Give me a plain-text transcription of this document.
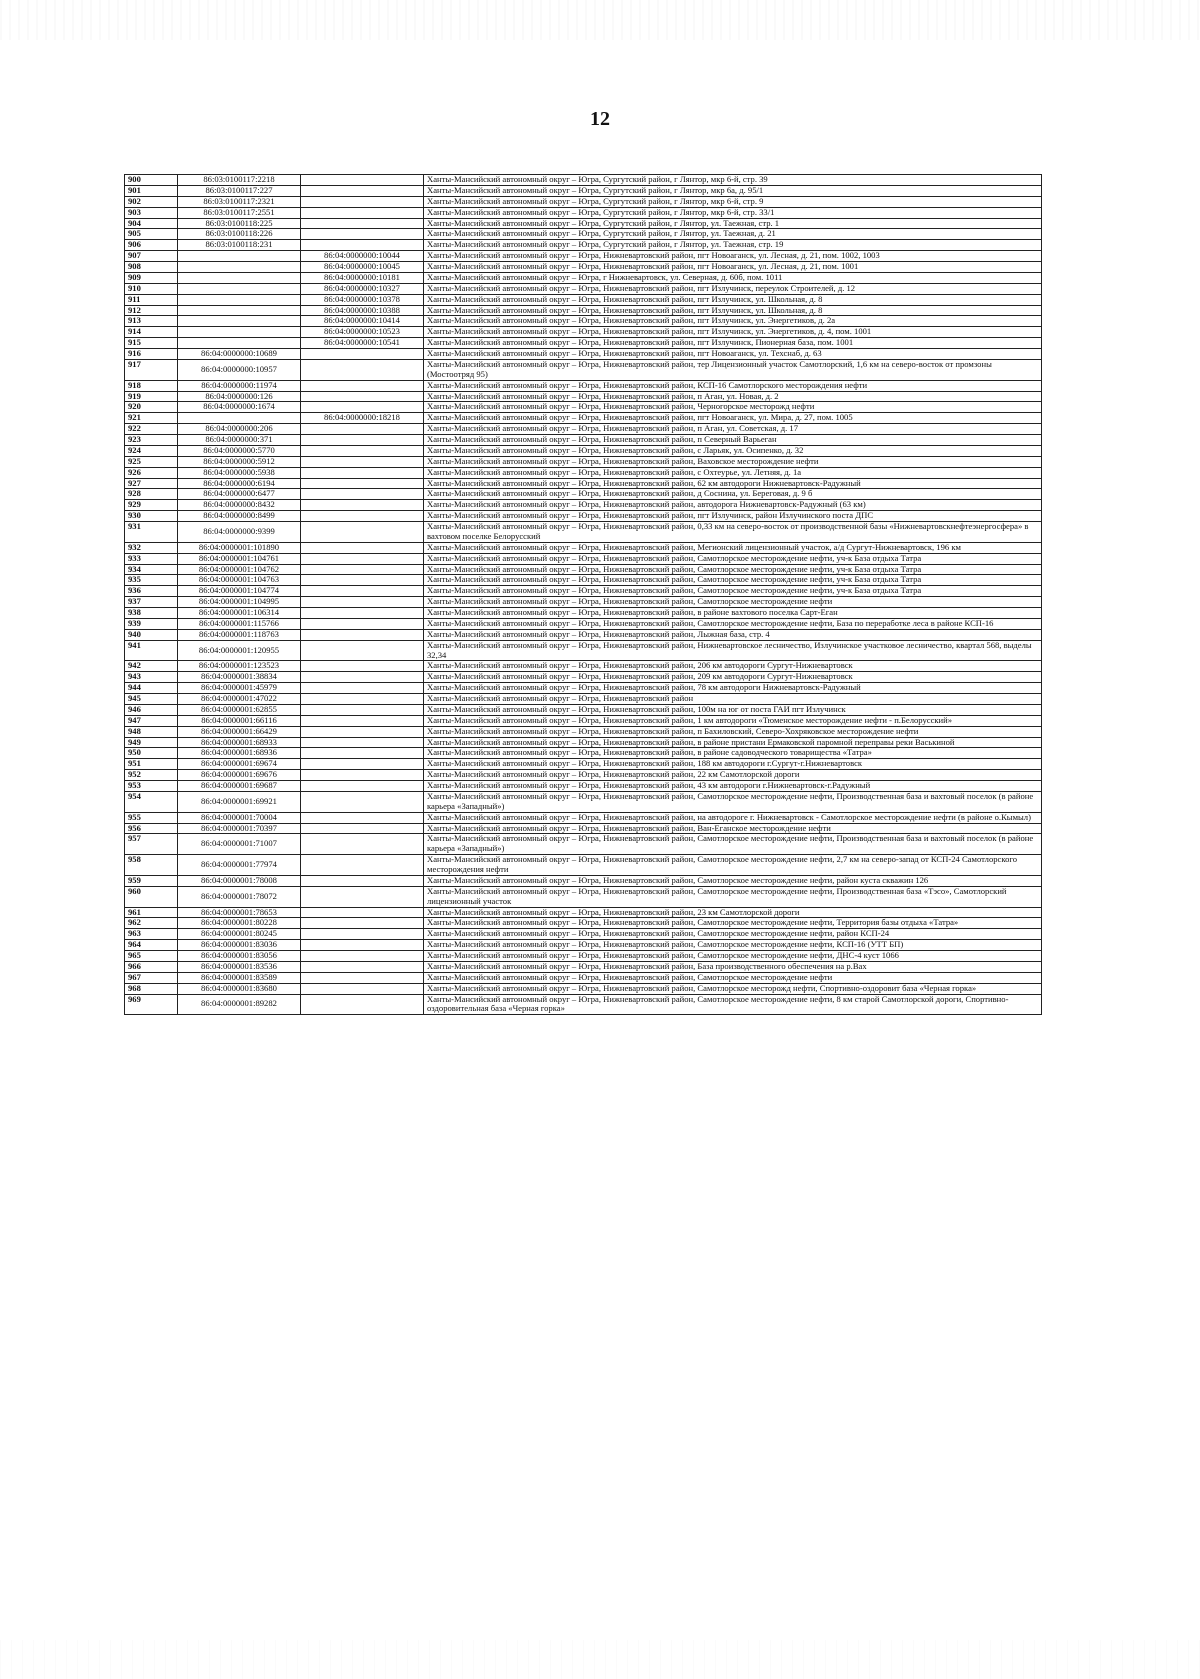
12
900	86:03:0100117:2218		Ханты-Мансийский автономный округ – Югра, Сургутский район, г Лянтор, мкр 6-й, стр. 39
901	86:03:0100117:227		Ханты-Мансийский автономный округ – Югра, Сургутский район, г Лянтор, мкр 6а, д. 95/1
902	86:03:0100117:2321		Ханты-Мансийский автономный округ – Югра, Сургутский район, г Лянтор, мкр 6-й, стр. 9
903	86:03:0100117:2551		Ханты-Мансийский автономный округ – Югра, Сургутский район, г Лянтор, мкр 6-й, стр. 33/1
904	86:03:0100118:225		Ханты-Мансийский автономный округ – Югра, Сургутский район, г Лянтор, ул. Таежная, стр. 1
905	86:03:0100118:226		Ханты-Мансийский автономный округ – Югра, Сургутский район, г Лянтор, ул. Таежная, д. 21
906	86:03:0100118:231		Ханты-Мансийский автономный округ – Югра, Сургутский район, г Лянтор, ул. Таежная, стр. 19
907		86:04:0000000:10044	Ханты-Мансийский автономный округ – Югра, Нижневартовский район, пгт Новоаганск, ул. Лесная, д. 21, пом. 1002, 1003
908		86:04:0000000:10045	Ханты-Мансийский автономный округ – Югра, Нижневартовский район, пгт Новоаганск, ул. Лесная, д. 21, пом. 1001
909		86:04:0000000:10181	Ханты-Мансийский автономный округ – Югра, г Нижневартовск, ул. Северная, д. 60б, пом. 1011
910		86:04:0000000:10327	Ханты-Мансийский автономный округ – Югра, Нижневартовский район, пгт Излучинск, переулок Строителей, д. 12
911		86:04:0000000:10378	Ханты-Мансийский автономный округ – Югра, Нижневартовский район, пгт Излучинск, ул. Школьная, д. 8
912		86:04:0000000:10388	Ханты-Мансийский автономный округ – Югра, Нижневартовский район, пгт Излучинск, ул. Школьная, д. 8
913		86:04:0000000:10414	Ханты-Мансийский автономный округ – Югра, Нижневартовский район, пгт Излучинск, ул. Энергетиков, д. 2а
914		86:04:0000000:10523	Ханты-Мансийский автономный округ – Югра, Нижневартовский район, пгт Излучинск, ул. Энергетиков, д. 4, пом. 1001
915		86:04:0000000:10541	Ханты-Мансийский автономный округ – Югра, Нижневартовский район, пгт Излучинск, Пионерная база, пом. 1001
916	86:04:0000000:10689		Ханты-Мансийский автономный округ – Югра, Нижневартовский район, пгт Новоаганск, ул. Техснаб, д. 63
917	86:04:0000000:10957		Ханты-Мансийский автономный округ – Югра, Нижневартовский район, тер Лицензионный участок Самотлорский, 1,6 км на северо-восток от промзоны (Мостоотряд 95)
918	86:04:0000000:11974		Ханты-Мансийский автономный округ – Югра, Нижневартовский район, КСП-16 Самотлорского месторождения нефти
919	86:04:0000000:126		Ханты-Мансийский автономный округ – Югра, Нижневартовский район, п Аган, ул. Новая, д. 2
920	86:04:0000000:1674		Ханты-Мансийский автономный округ – Югра, Нижневартовский район, Черногорское месторожд нефти
921		86:04:0000000:18218	Ханты-Мансийский автономный округ – Югра, Нижневартовский район, пгт Новоаганск, ул. Мира, д. 27, пом. 1005
922	86:04:0000000:206		Ханты-Мансийский автономный округ – Югра, Нижневартовский район, п Аган, ул. Советская, д. 17
923	86:04:0000000:371		Ханты-Мансийский автономный округ – Югра, Нижневартовский район, п Северный Варьеган
924	86:04:0000000:5770		Ханты-Мансийский автономный округ – Югра, Нижневартовский район, с Ларьяк, ул. Осипенко, д. 32
925	86:04:0000000:5912		Ханты-Мансийский автономный округ – Югра, Нижневартовский район, Ваховское месторождение нефти
926	86:04:0000000:5938		Ханты-Мансийский автономный округ – Югра, Нижневартовский район, с Охтеурье, ул. Летняя, д. 1а
927	86:04:0000000:6194		Ханты-Мансийский автономный округ – Югра, Нижневартовский район, 62 км автодороги Нижневартовск-Радужный
928	86:04:0000000:6477		Ханты-Мансийский автономный округ – Югра, Нижневартовский район, д Соснина, ул. Береговая, д. 9 б
929	86:04:0000000:8432		Ханты-Мансийский автономный округ – Югра, Нижневартовский район, автодорога Нижневартовск-Радужный (63 км)
930	86:04:0000000:8499		Ханты-Мансийский автономный округ – Югра, Нижневартовский район, пгт Излучинск, район Излучинского поста ДПС
931	86:04:0000000:9399		Ханты-Мансийский автономный округ – Югра, Нижневартовский район, 0,33 км на северо-восток от производственной базы «Нижневартовскнефтеэнергосфера» в вахтовом поселке Белорусский
932	86:04:0000001:101890		Ханты-Мансийский автономный округ – Югра, Нижневартовский район, Мегионский лицензионный участок, а/д Сургут-Нижневартовск, 196 км
933	86:04:0000001:104761		Ханты-Мансийский автономный округ – Югра, Нижневартовский район, Самотлорское месторождение нефти, уч-к База отдыха Татра
934	86:04:0000001:104762		Ханты-Мансийский автономный округ – Югра, Нижневартовский район, Самотлорское месторождение нефти, уч-к База отдыха Татра
935	86:04:0000001:104763		Ханты-Мансийский автономный округ – Югра, Нижневартовский район, Самотлорское месторождение нефти, уч-к База отдыха Татра
936	86:04:0000001:104774		Ханты-Мансийский автономный округ – Югра, Нижневартовский район, Самотлорское месторождение нефти, уч-к База отдыха Татра
937	86:04:0000001:104995		Ханты-Мансийский автономный округ – Югра, Нижневартовский район, Самотлорское месторождение нефти
938	86:04:0000001:106314		Ханты-Мансийский автономный округ – Югра, Нижневартовский район, в районе вахтового поселка Сарт-Еган
939	86:04:0000001:115766		Ханты-Мансийский автономный округ – Югра, Нижневартовский район, Самотлорское месторождение нефти, База по переработке леса в районе КСП-16
940	86:04:0000001:118763		Ханты-Мансийский автономный округ – Югра, Нижневартовский район, Лыжная база, стр. 4
941	86:04:0000001:120955		Ханты-Мансийский автономный округ – Югра, Нижневартовский район, Нижневартовское лесничество, Излучинское участковое лесничество, квартал 568, выделы 32,34
942	86:04:0000001:123523		Ханты-Мансийский автономный округ – Югра, Нижневартовский район, 206 км автодороги Сургут-Нижневартовск
943	86:04:0000001:38834		Ханты-Мансийский автономный округ – Югра, Нижневартовский район, 209 км автодороги Сургут-Нижневартовск
944	86:04:0000001:45979		Ханты-Мансийский автономный округ – Югра, Нижневартовский район, 78 км автодороги Нижневартовск-Радужный
945	86:04:0000001:47022		Ханты-Мансийский автономный округ – Югра, Нижневартовский район
946	86:04:0000001:62855		Ханты-Мансийский автономный округ – Югра, Нижневартовский район, 100м на юг от поста ГАИ пгт Излучинск
947	86:04:0000001:66116		Ханты-Мансийский автономный округ – Югра, Нижневартовский район, 1 км автодороги «Тюменское месторождение нефти - п.Белорусский»
948	86:04:0000001:66429		Ханты-Мансийский автономный округ – Югра, Нижневартовский район, п Бахиловский, Северо-Хохряковское месторождение нефти
949	86:04:0000001:68933		Ханты-Мансийский автономный округ – Югра, Нижневартовский район, в районе пристани Ермаковской паромной переправы реки Васькиной
950	86:04:0000001:68936		Ханты-Мансийский автономный округ – Югра, Нижневартовский район, в районе садоводческого товарищества «Татра»
951	86:04:0000001:69674		Ханты-Мансийский автономный округ – Югра, Нижневартовский район, 188 км автодороги г.Сургут-г.Нижневартовск
952	86:04:0000001:69676		Ханты-Мансийский автономный округ – Югра, Нижневартовский район, 22 км Самотлорской дороги
953	86:04:0000001:69687		Ханты-Мансийский автономный округ – Югра, Нижневартовский район, 43 км автодороги г.Нижневартовск-г.Радужный
954	86:04:0000001:69921		Ханты-Мансийский автономный округ – Югра, Нижневартовский район, Самотлорское месторождение нефти, Производственная база и вахтовый поселок (в районе карьера «Западный»)
955	86:04:0000001:70004		Ханты-Мансийский автономный округ – Югра, Нижневартовский район, на автодороге г. Нижневартовск - Самотлорское месторождение нефти (в районе о.Кымыл)
956	86:04:0000001:70397		Ханты-Мансийский автономный округ – Югра, Нижневартовский район, Ван-Еганское месторождение нефти
957	86:04:0000001:71007		Ханты-Мансийский автономный округ – Югра, Нижневартовский район, Самотлорское месторождение нефти, Производственная база и вахтовый поселок (в районе карьера «Западный»)
958	86:04:0000001:77974		Ханты-Мансийский автономный округ – Югра, Нижневартовский район, Самотлорское месторождение нефти, 2,7 км на северо-запад от КСП-24 Самотлорского месторождения нефти
959	86:04:0000001:78008		Ханты-Мансийский автономный округ – Югра, Нижневартовский район, Самотлорское месторождение нефти, район куста скважин 126
960	86:04:0000001:78072		Ханты-Мансийский автономный округ – Югра, Нижневартовский район, Самотлорское месторождение нефти, Производственная база «Тэсо», Самотлорский лицензионный участок
961	86:04:0000001:78653		Ханты-Мансийский автономный округ – Югра, Нижневартовский район, 23 км Самотлорской дороги
962	86:04:0000001:80228		Ханты-Мансийский автономный округ – Югра, Нижневартовский район, Самотлорское месторождение нефти, Территория базы отдыха «Татра»
963	86:04:0000001:80245		Ханты-Мансийский автономный округ – Югра, Нижневартовский район, Самотлорское месторождение нефти, район КСП-24
964	86:04:0000001:83036		Ханты-Мансийский автономный округ – Югра, Нижневартовский район, Самотлорское месторождение нефти, КСП-16 (УТТ БП)
965	86:04:0000001:83056		Ханты-Мансийский автономный округ – Югра, Нижневартовский район, Самотлорское месторождение нефти, ДНС-4 куст 1066
966	86:04:0000001:83536		Ханты-Мансийский автономный округ – Югра, Нижневартовский район, База производственного обеспечения на р.Вах
967	86:04:0000001:83589		Ханты-Мансийский автономный округ – Югра, Нижневартовский район, Самотлорское месторождение нефти
968	86:04:0000001:83680		Ханты-Мансийский автономный округ – Югра, Нижневартовский район, Самотлорское месторожд нефти, Спортивно-оздоровит база «Черная горка»
969	86:04:0000001:89282		Ханты-Мансийский автономный округ – Югра, Нижневартовский район, Самотлорское месторождение нефти, 8 км старой Самотлорской дороги, Спортивно-оздоровительная база «Черная горка»
